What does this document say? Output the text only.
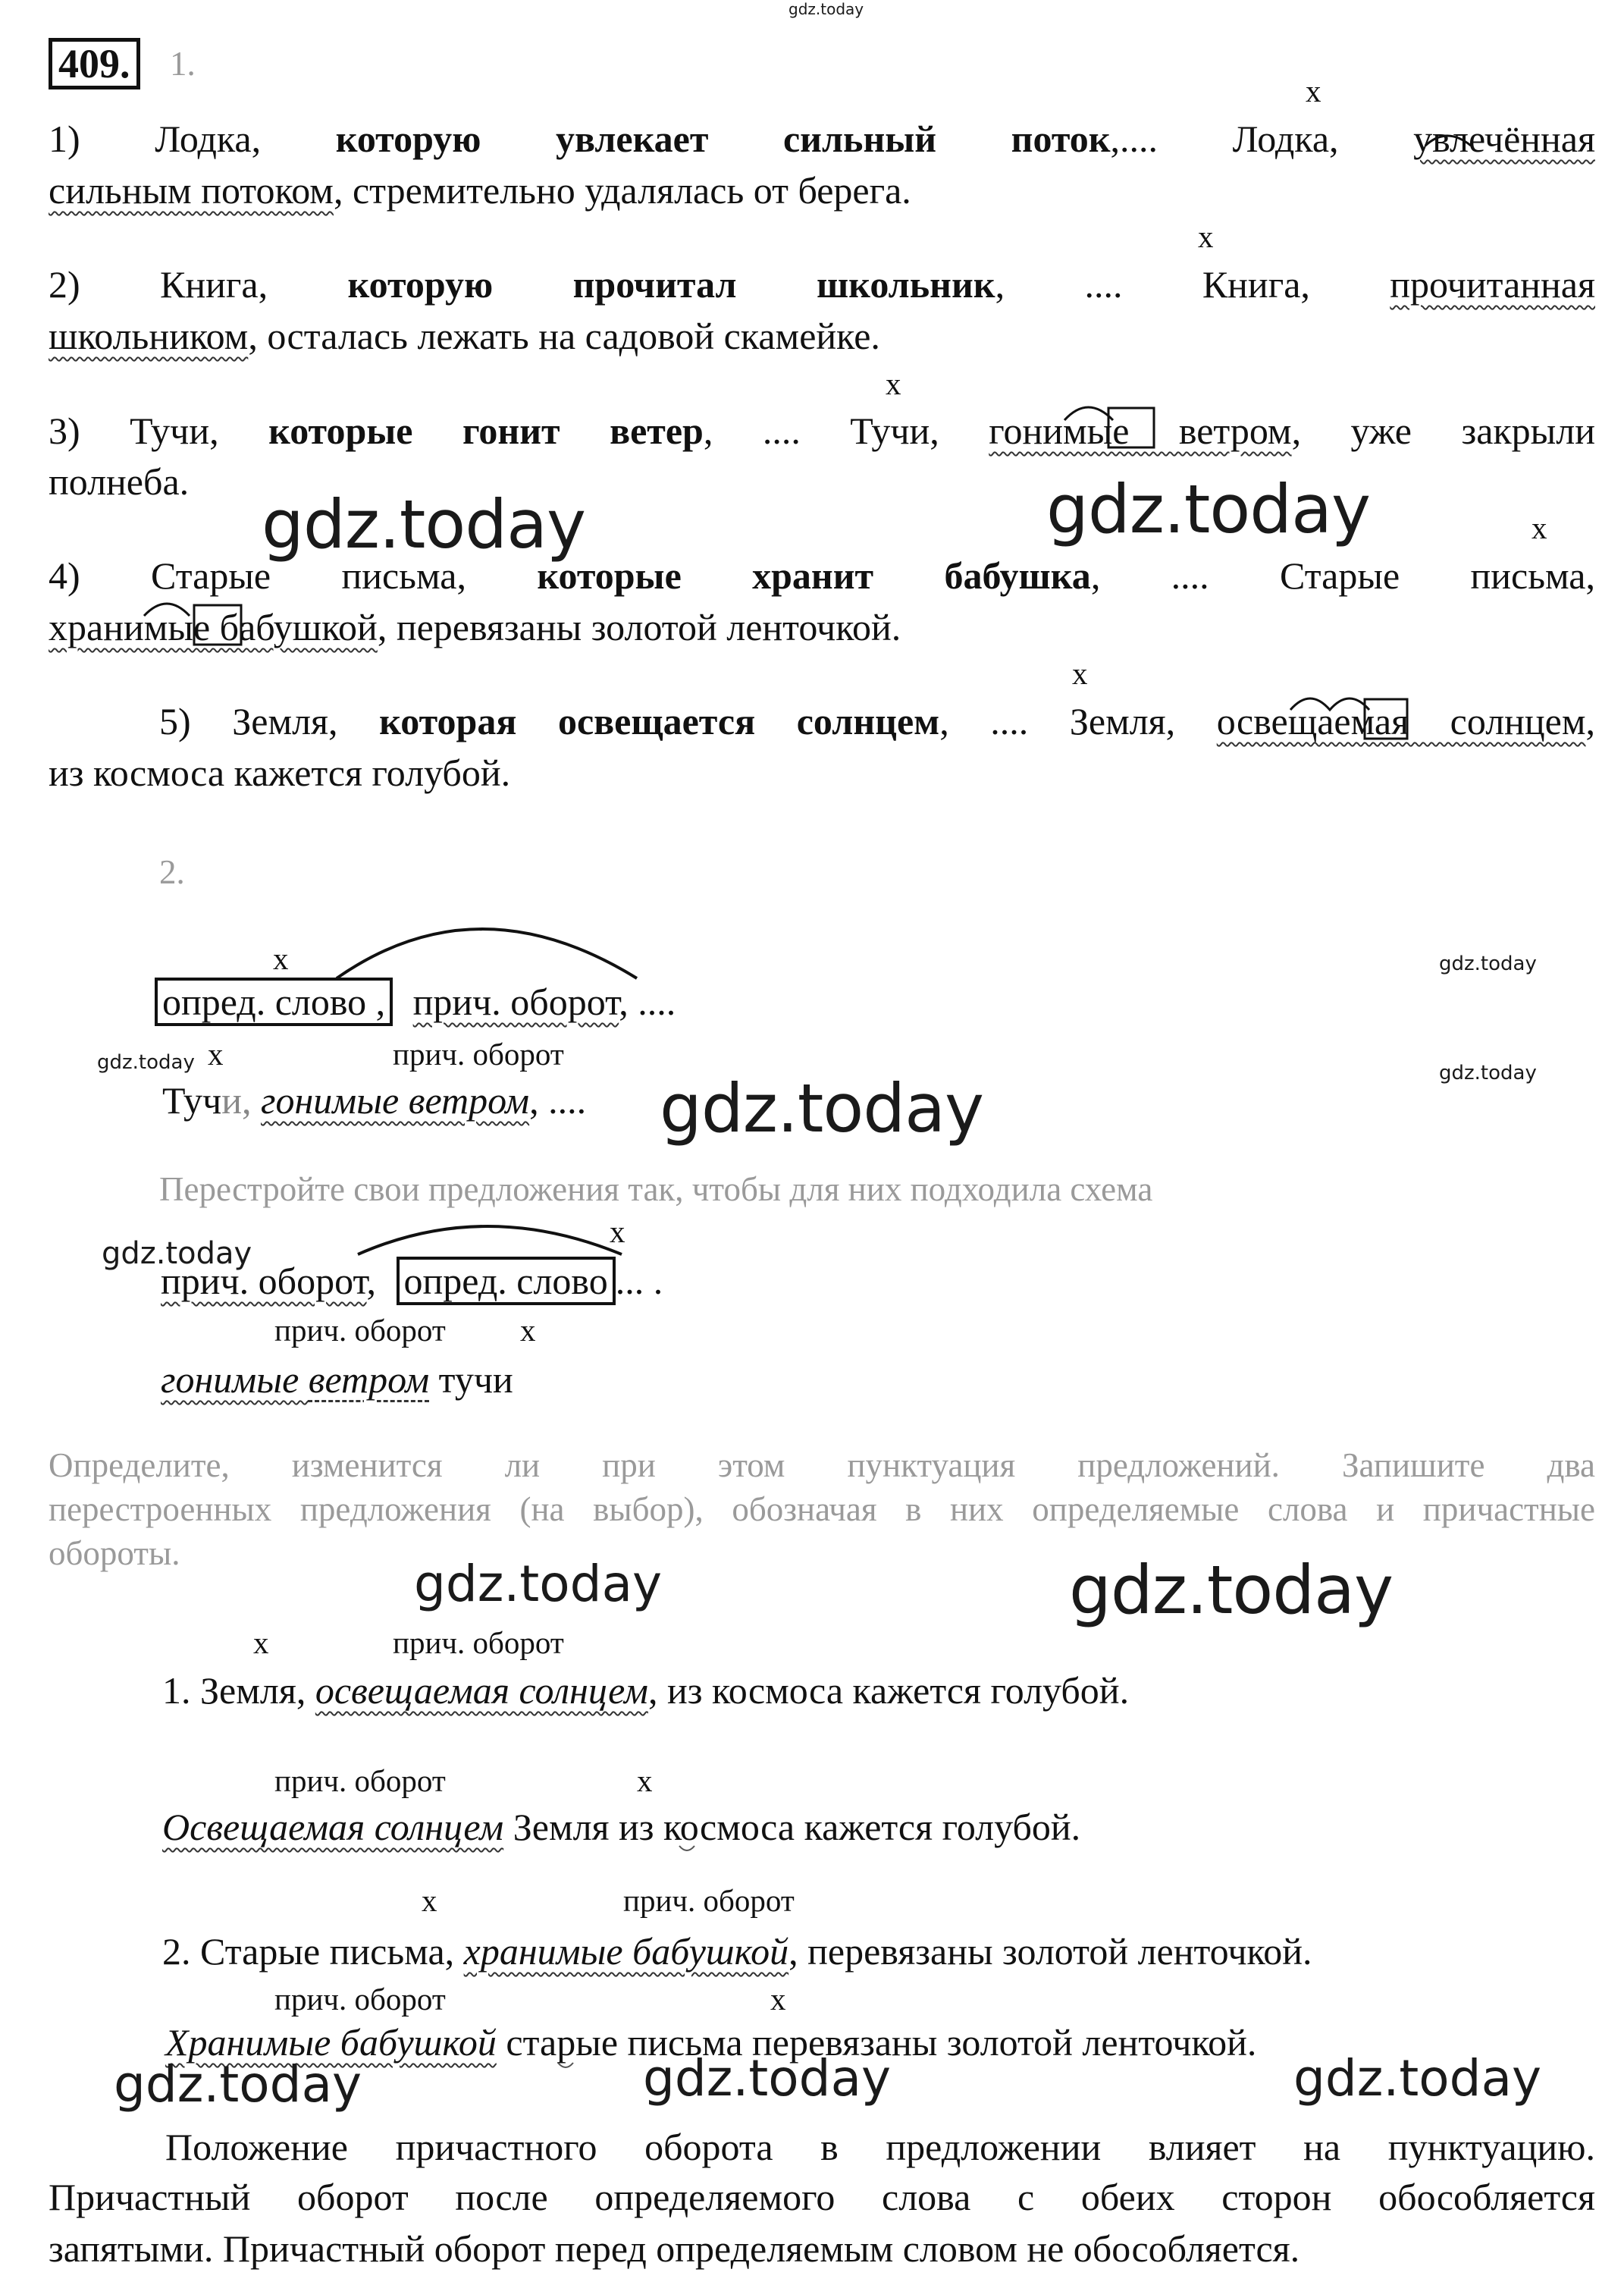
gdz.today
409. 1.
x
1) Лодка, которую увлекает сильный поток,.... Лодка, увлечённая
сильным потоком, стремительно удалялась от берега.
x
2) Книга, которую прочитал школьник, .... Книга, прочитанная
школьником, осталась лежать на садовой скамейке.
x
3) Тучи, которые гонит ветер, .... Тучи, гонимые ветром, уже закрыли
полнеба.
gdz.today	gdz.today	x
4) Старые письма, которые хранит бабушка, .... Старые письма,
хранимые бабушкой, перевязаны золотой ленточкой.
x
5) Земля, которая освещается солнцем, .... Земля, освещаемая солнцем,
из космоса кажется голубой.
2.
x	gdz.today
опред. слово , прич. оборот, ....
gdz.today x	прич. оборот
gdz.today
Тучи, гонимые ветром, .... gdz.today
Перестройте свои предложения так, чтобы для них подходила схема
gdz.today
x
прич. оборот, опред. слово ... .
прич. оборот x
гонимые ветром тучи
Определите, изменится ли при этом пунктуация предложений. Запишите два
перестроенных предложения (на выбор), обозначая в них определяемые слова и причастные
обороты.
gdz.today	gdz.today
x	прич. оборот
1. Земля, освещаемая солнцем, из космоса кажется голубой.
прич. оборот	x
Освещаемая солнцем Земля из космоса кажется голубой.
x	прич. оборот
2. Старые письма, хранимые бабушкой, перевязаны золотой ленточкой.
прич. оборот	x
Хранимые бабушкой старые письма перевязаны золотой ленточкой.
gdz.today	gdz.today	gdz.today
Положение причастного оборота в предложении влияет на пунктуацию.
Причастный оборот после определяемого слова с обеих сторон обособляется
запятыми. Причастный оборот перед определяемым словом не обособляется.
